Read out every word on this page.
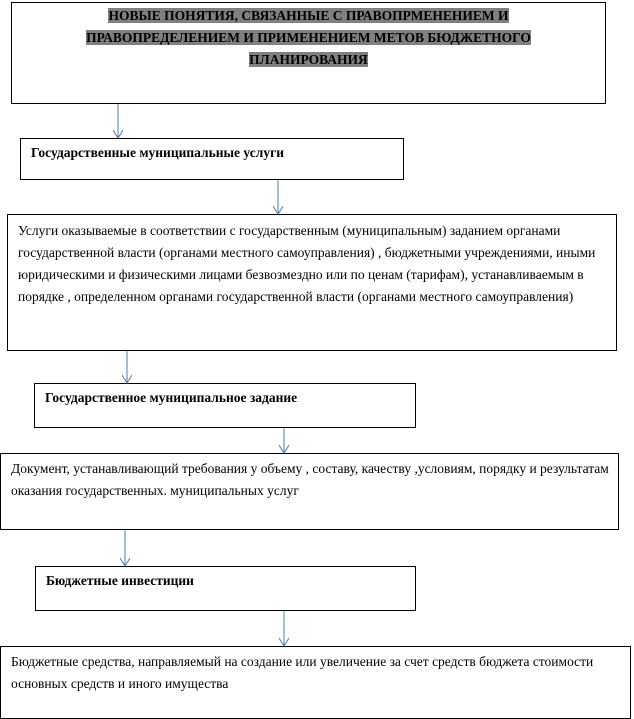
НОВЫЕ ПОНЯТИЯ, СВЯЗАННЫЕ С ПРАВОПРМЕНЕНИЕМ И ПРАВОПРЕДЕЛЕНИЕМ И ПРИМЕНЕНИЕМ МЕТОВ БЮДЖЕТНОГО ПЛАНИРОВАНИЯ
Государственные муниципальные услуги
Услуги оказываемые в соответствии с государственным (муниципальным) заданием органами государственной власти (органами местного самоуправления) , бюджетными учреждениями, иными юридическими и физическими лицами безвозмездно или по ценам (тарифам), устанавливаемым в порядке , определенном органами государственной власти (органами местного самоуправления)
Государственное муниципальное задание
Документ, устанавливающий требования у объему , составу, качеству ,условиям, порядку и результатам оказания государственных. муниципальных услуг
Бюджетные инвестиции
Бюджетные средства, направляемый на создание или увеличение за счет средств бюджета стоимости основных средств и иного имущества
